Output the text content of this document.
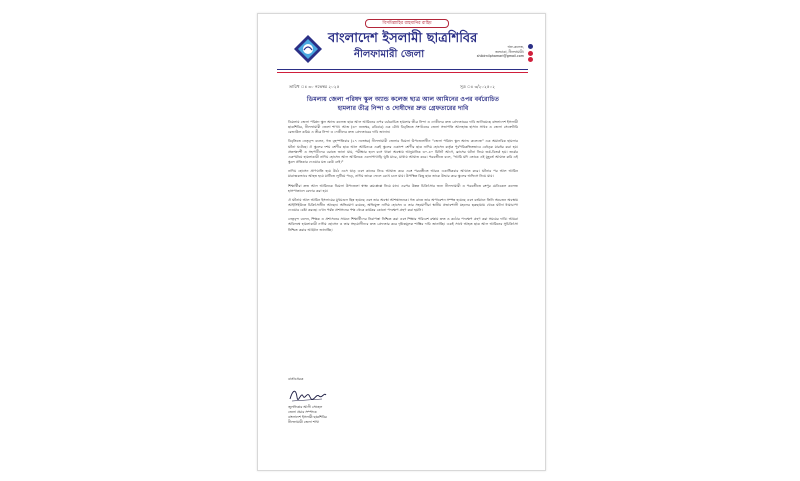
বিসমিল্লাহির রাহমানির রাহিম
বাংলাদেশ ইসলামী ছাত্রশিবির
নীলফামারী জেলা
অফ.কলেজ,
জলঢাকা, নীলফামারী।
shibirnilphamari@gmail.com
তারিখ ঃ ৩০ নভেম্বর ২০২৫	সূত্র ঃ ৩/২০২৫০২
ডিমলায় জেলা পরিষদ স্কুল অ্যান্ড কলেজ ছাত্র আল আমিনের ওপর বর্বরোচিত
হামলার তীব্র নিন্দা ও দোষীদের দ্রুত গ্রেফতারের দাবি

ডিমলায় জেলা পরিষদ স্কুল অ্যান্ড কলেজ ছাত্র আল আমিনের ওপর বর্বরোচিত হামলার তীব্র নিন্দা ও দোষীদের দ্রুত গ্রেফতারের দাবি জানিয়েছে বাংলাদেশ ইসলামী ছাত্রশিবির, নীলফামারী জেলা শাখা। আজ (৩০ নভেম্বর, রবিবার) এক যৌথ বিবৃতিতে সংগঠনের জেলা সভাপতি আলহাজ্ব হাসান সাথৰ ও জেলা সেক্রেটারি রেজাউল করিম এ তীব্র নিন্দা ও দোষীদের দ্রুত গ্রেফতারের দাবি জানান।

বিবৃতিতে নেতৃবৃন্দ বলেন, গত বৃহস্পতিবার (২৭ নভেম্বর) নীলফামারী জেলার ডিমলা উপজেলাধীন "জেলা পরিষদ স্কুল অ্যান্ড কলেজে" এক অমানবিক হামলার ঘটনা ঘটেছে। ঐ স্কুলের দশম শ্রেণীর ছাত্র আল আমিনকে একই স্কুলের একাদশ শ্রেণীর ছাত্র নাদিম হোসেন কর্তৃক পূর্বপরিকল্পিতভাবে বেধড়ক মারধর করা হয়। প্রত্যক্ষদর্শী ও সহপাঠীদের বরাতে জানা যায়, পরীক্ষার হলে বসে থাকা অবস্থায় আনুমানিক ৩০-৪০ মিনিট আগে, ক্লাসের ঘটনা নিয়ে তর্ক-বিতর্ক হয়। তর্কের একপর্যায়ে হামলাকারী নাদিম হোসেন আল আমিনকে এলোপাথাড়ি ঘুষি মারে, মাথায় আঘাত করে। পরবর্তীতে বলে, "আমি যদি তোকে এই মুহূর্তে আঘাত করি এই স্কুলে প্রতিকার দেওয়ার মত কেউ নেই।"

নাদিম হোসেন প্রাণঘাতি হয়ে উঠে এসে ঘাড় এবং কানের নিচে আঘাত করে এবং পরবর্তীতে আরও একাধিকবার আঘাত করে। ঘটনার পর আল আমিন মারাত্মকভাবে আহত হয়ে মাটিতে লুটিয়ে পড়ে, নাদিম তাকে ফেলে রেখে চলে যায়। উপস্থিত কিছু ছাত্র তাকে উদ্ধার করে স্কুলের অফিসে নিয়ে যায়।

শিক্ষার্থীরা দ্রুত আল আমিনকে ডিমলা উপজেলা স্বাস্থ্য কমপ্লেক্সে নিয়ে যান। এরপর উন্নত চিকিৎসার জন্য নীলফামারী ও পরবর্তীতে রংপুর মেডিকেল কলেজ হাসপাতালে রেফার করা হয়।

ঐ ঘটনায় আল আমিন ইসলামের মুখমণ্ডল ছিন্ন হয়েছে এবং তার অবস্থা আশঙ্কাজনক। গত রাতে তার অপারেশন সম্পন্ন হয়েছে এবং বর্তমানে তিনি অচেতন অবস্থায় আইসিইউতে চিকিৎসাধীন আছেন। অভিযোগ রয়েছে, অভিযুক্ত নাদিম হোসেন ও তার সহযোগীরা স্থানীয় প্রভাবশালী মহলের ছত্রছায়ায় থেকে ঘটনা ধামাচাপা দেওয়ার চেষ্টা করছে। এখন পর্যন্ত প্রশাসনের পক্ষ থেকে কার্যকর কোনো পদক্ষেপ গ্রহণ করা হয়নি।

নেতৃবৃন্দ বলেন, শিক্ষক ও প্রশাসনের সামনে শিক্ষার্থীদের নিরাপত্তা নিশ্চিত করা এবং শিক্ষার পরিবেশ রক্ষায় দ্রুত ও কঠোর পদক্ষেপ গ্রহণ করা সময়ের দাবি। আমরা অবিলম্বে হামলাকারী নাদিম হোসেন ও তার সহযোগীদের দ্রুত গ্রেফতার করে দৃষ্টান্তমূলক শাস্তির দাবি জানাচ্ছি। একই সাথে আহত ছাত্র আল আমিনের সুচিকিৎসা নিশ্চিত করার আহ্বান জানাচ্ছি।

বার্তাপ্রেরক
জুলফিকার আলী সোহেল
জেলা প্রচার সম্পাদক
বাংলাদেশ ইসলামী ছাত্রশিবির
নীলফামারী জেলা শাখা
